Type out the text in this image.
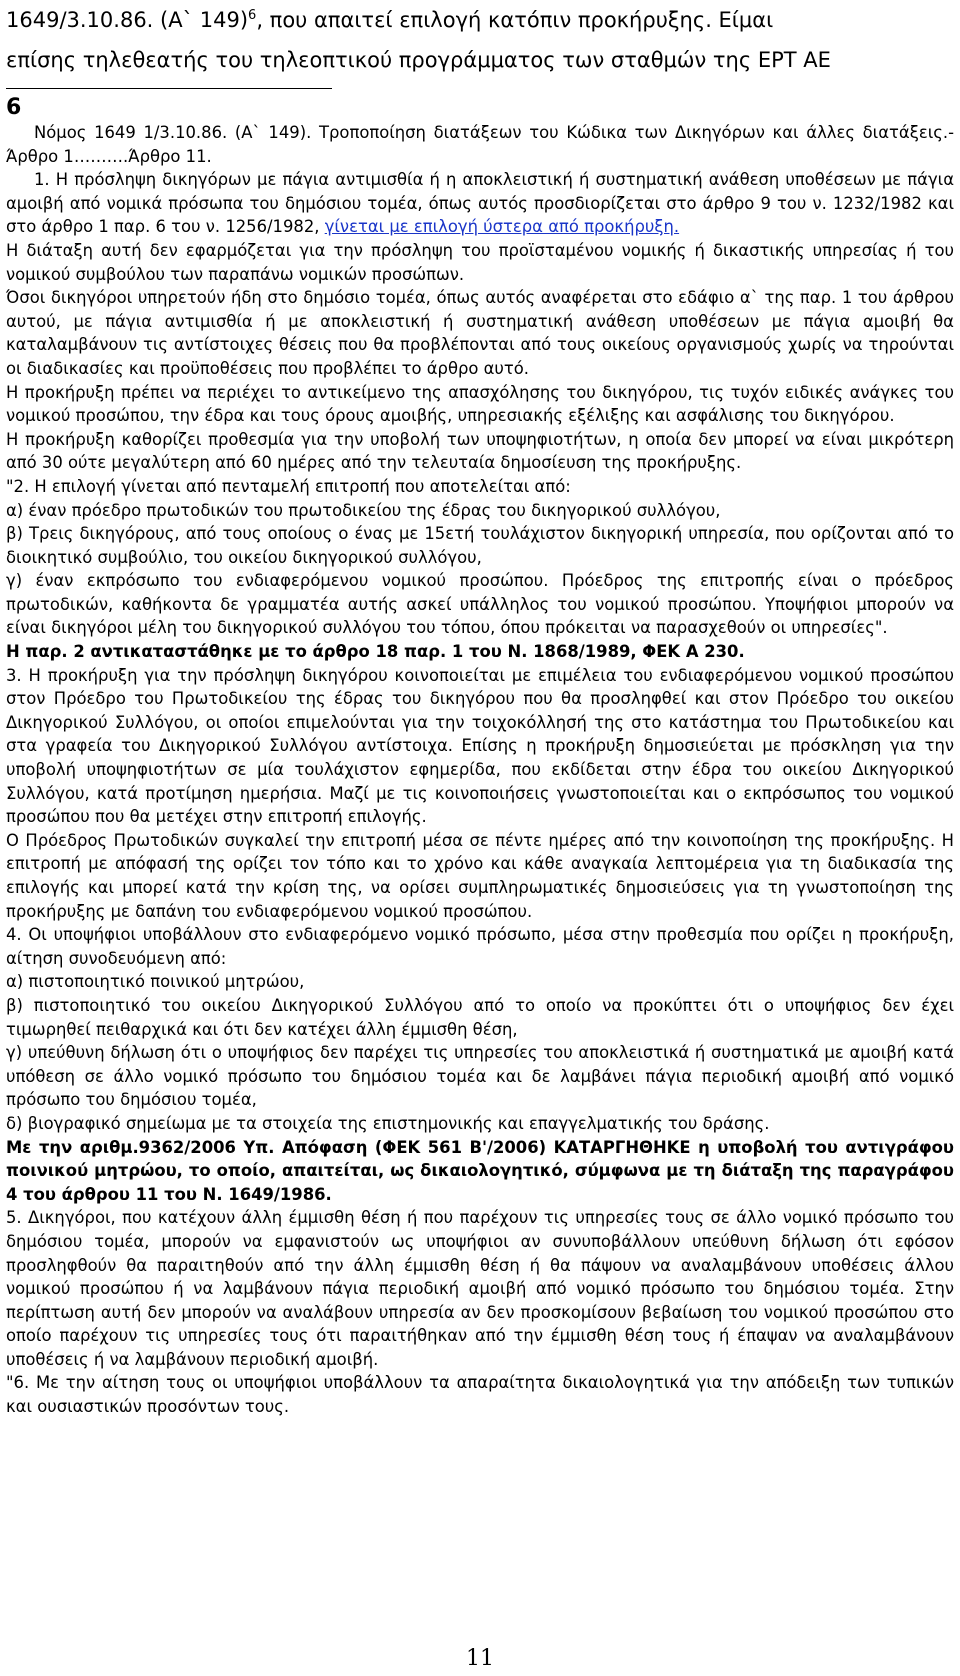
1649/3.10.86. (Α` 149)$^6$, που απαιτεί επιλογή κατόπιν προκήρυξης. Είμαι
επίσης τηλεθεατής του τηλεοπτικού προγράμματος των σταθμών της ΕΡΤ ΑΕ

6

Νόμος 1649 1/3.10.86. (Α` 149). Τροποποίηση διατάξεων του Κώδικα των Δικηγόρων και άλλες διατάξεις.- Άρθρο 1……….Άρθρο 11.

1. Η πρόσληψη δικηγόρων με πάγια αντιμισθία ή η αποκλειστική ή συστηματική ανάθεση υποθέσεων με πάγια αμοιβή από νομικά πρόσωπα του δημόσιου τομέα, όπως αυτός προσδιορίζεται στο άρθρο 9 του ν. 1232/1982 και στο άρθρο 1 παρ. 6 του ν. 1256/1982, γίνεται με επιλογή ύστερα από προκήρυξη.

Η διάταξη αυτή δεν εφαρμόζεται για την πρόσληψη του προϊσταμένου νομικής ή δικαστικής υπηρεσίας ή του νομικού συμβούλου των παραπάνω νομικών προσώπων.

Όσοι δικηγόροι υπηρετούν ήδη στο δημόσιο τομέα, όπως αυτός αναφέρεται στο εδάφιο α` της παρ. 1 του άρθρου αυτού, με πάγια αντιμισθία ή με αποκλειστική ή συστηματική ανάθεση υποθέσεων με πάγια αμοιβή θα καταλαμβάνουν τις αντίστοιχες θέσεις που θα προβλέπονται από τους οικείους οργανισμούς χωρίς να τηρούνται οι διαδικασίες και προϋποθέσεις που προβλέπει το άρθρο αυτό.

Η προκήρυξη πρέπει να περιέχει το αντικείμενο της απασχόλησης του δικηγόρου, τις τυχόν ειδικές ανάγκες του νομικού προσώπου, την έδρα και τους όρους αμοιβής, υπηρεσιακής εξέλιξης και ασφάλισης του δικηγόρου.

Η προκήρυξη καθορίζει προθεσμία για την υποβολή των υποψηφιοτήτων, η οποία δεν μπορεί να είναι μικρότερη από 30 ούτε μεγαλύτερη από 60 ημέρες από την τελευταία δημοσίευση της προκήρυξης.

"2. Η επιλογή γίνεται από πενταμελή επιτροπή που αποτελείται από:

α) έναν πρόεδρο πρωτοδικών του πρωτοδικείου της έδρας του δικηγορικού συλλόγου,

β) Τρεις δικηγόρους, από τους οποίους ο ένας με 15ετή τουλάχιστον δικηγορική υπηρεσία, που ορίζονται από το διοικητικό συμβούλιο, του οικείου δικηγορικού συλλόγου,

γ) έναν εκπρόσωπο του ενδιαφερόμενου νομικού προσώπου. Πρόεδρος της επιτροπής είναι ο πρόεδρος πρωτοδικών, καθήκοντα δε γραμματέα αυτής ασκεί υπάλληλος του νομικού προσώπου. Υποψήφιοι μπορούν να είναι δικηγόροι μέλη του δικηγορικού συλλόγου του τόπου, όπου πρόκειται να παρασχεθούν οι υπηρεσίες".

Η παρ. 2 αντικαταστάθηκε με το άρθρο 18 παρ. 1 του Ν. 1868/1989, ΦΕΚ Α 230.

3. Η προκήρυξη για την πρόσληψη δικηγόρου κοινοποιείται με επιμέλεια του ενδιαφερόμενου νομικού προσώπου στον Πρόεδρο του Πρωτοδικείου της έδρας του δικηγόρου που θα προσληφθεί και στον Πρόεδρο του οικείου Δικηγορικού Συλλόγου, οι οποίοι επιμελούνται για την τοιχοκόλλησή της στο κατάστημα του Πρωτοδικείου και στα γραφεία του Δικηγορικού Συλλόγου αντίστοιχα. Επίσης η προκήρυξη δημοσιεύεται με πρόσκληση για την υποβολή υποψηφιοτήτων σε μία τουλάχιστον εφημερίδα, που εκδίδεται στην έδρα του οικείου Δικηγορικού Συλλόγου, κατά προτίμηση ημερήσια. Μαζί με τις κοινοποιήσεις γνωστοποιείται και ο εκπρόσωπος του νομικού προσώπου που θα μετέχει στην επιτροπή επιλογής.

Ο Πρόεδρος Πρωτοδικών συγκαλεί την επιτροπή μέσα σε πέντε ημέρες από την κοινοποίηση της προκήρυξης. Η επιτροπή με απόφασή της ορίζει τον τόπο και το χρόνο και κάθε αναγκαία λεπτομέρεια για τη διαδικασία της επιλογής και μπορεί κατά την κρίση της, να ορίσει συμπληρωματικές δημοσιεύσεις για τη γνωστοποίηση της προκήρυξης με δαπάνη του ενδιαφερόμενου νομικού προσώπου.

4. Οι υποψήφιοι υποβάλλουν στο ενδιαφερόμενο νομικό πρόσωπο, μέσα στην προθεσμία που ορίζει η προκήρυξη, αίτηση συνοδευόμενη από:

α) πιστοποιητικό ποινικού μητρώου,

β) πιστοποιητικό του οικείου Δικηγορικού Συλλόγου από το οποίο να προκύπτει ότι ο υποψήφιος δεν έχει τιμωρηθεί πειθαρχικά και ότι δεν κατέχει άλλη έμμισθη θέση,

γ) υπεύθυνη δήλωση ότι ο υποψήφιος δεν παρέχει τις υπηρεσίες του αποκλειστικά ή συστηματικά με αμοιβή κατά υπόθεση σε άλλο νομικό πρόσωπο του δημόσιου τομέα και δε λαμβάνει πάγια περιοδική αμοιβή από νομικό πρόσωπο του δημόσιου τομέα,

δ) βιογραφικό σημείωμα με τα στοιχεία της επιστημονικής και επαγγελματικής του δράσης.

Με την αριθμ.9362/2006 Υπ. Απόφαση (ΦΕΚ 561 Β'/2006) ΚΑΤΑΡΓΗΘΗΚΕ η υποβολή του αντιγράφου ποινικού μητρώου, το οποίο, απαιτείται, ως δικαιολογητικό, σύμφωνα με τη διάταξη της παραγράφου 4 του άρθρου 11 του Ν. 1649/1986.

5. Δικηγόροι, που κατέχουν άλλη έμμισθη θέση ή που παρέχουν τις υπηρεσίες τους σε άλλο νομικό πρόσωπο του δημόσιου τομέα, μπορούν να εμφανιστούν ως υποψήφιοι αν συνυποβάλλουν υπεύθυνη δήλωση ότι εφόσον προσληφθούν θα παραιτηθούν από την άλλη έμμισθη θέση ή θα πάψουν να αναλαμβάνουν υποθέσεις άλλου νομικού προσώπου ή να λαμβάνουν πάγια περιοδική αμοιβή από νομικό πρόσωπο του δημόσιου τομέα. Στην περίπτωση αυτή δεν μπορούν να αναλάβουν υπηρεσία αν δεν προσκομίσουν βεβαίωση του νομικού προσώπου στο οποίο παρέχουν τις υπηρεσίες τους ότι παραιτήθηκαν από την έμμισθη θέση τους ή έπαψαν να αναλαμβάνουν υποθέσεις ή να λαμβάνουν περιοδική αμοιβή.

"6. Με την αίτηση τους οι υποψήφιοι υποβάλλουν τα απαραίτητα δικαιολογητικά για την απόδειξη των τυπικών και ουσιαστικών προσόντων τους.

11
